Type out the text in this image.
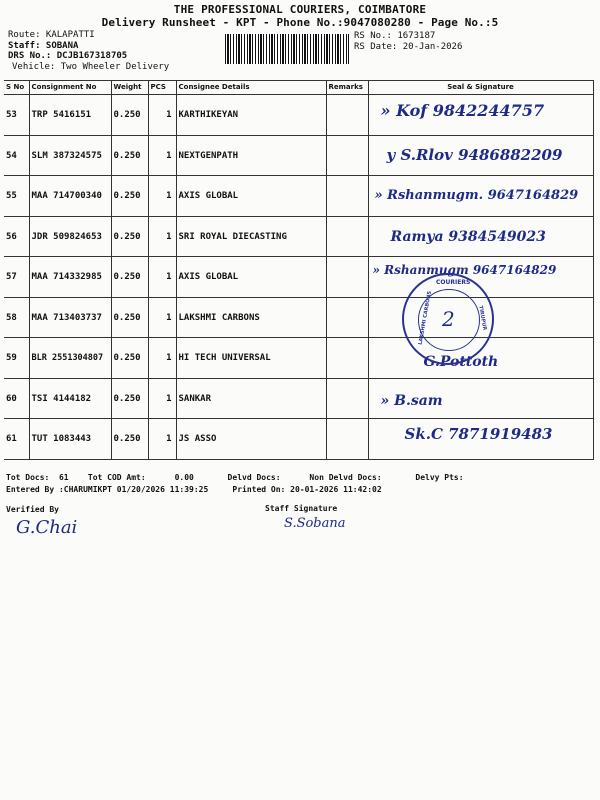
THE PROFESSIONAL COURIERS, COIMBATORE
Delivery Runsheet - KPT - Phone No.:9047080280 - Page No.:5
Route: KALAPATTI
Staff: SOBANA
DRS No.: DCJB167318705
Vehicle: Two Wheeler Delivery
RS No.: 1673187
RS Date: 20-Jan-2026
S No	Consignment No	Weight	PCS	Consignee Details	Remarks	Seal & Signature
53	TRP 5416151	0.250	1	KARTHIKEYAN		» Kof 9842244757

54	SLM 387324575	0.250	1	NEXTGENPATH		y S.Rlov 9486882209

55	MAA 714700340	0.250	1	AXIS GLOBAL		» Rshanmugm. 9647164829

56	JDR 509824653	0.250	1	SRI ROYAL DIECASTING		Ramya 9384549023

57	MAA 714332985	0.250	1	AXIS GLOBAL		» Rshanmugm 9647164829

58	MAA 713403737	0.250	1	LAKSHMI CARBONS		

59	BLR 2551304807	0.250	1	HI TECH UNIVERSAL		G.Pottoth

60	TSI 4144182	0.250	1	SANKAR		» B.sam

61	TUT 1083443	0.250	1	JS ASSO		Sk.C 7871919483
COURIERS
LAKSHMI CARBONS	TIRUPUR
2
Tot Docs:  61    Tot COD Amt:      0.00       Delvd Docs:      Non Delvd Docs:       Delvy Pts:
Entered By :CHARUMIKPT 01/20/2026 11:39:25     Printed On: 20-01-2026 11:42:02
Verified By
G.Chai
Staff Signature
S.Sobana
